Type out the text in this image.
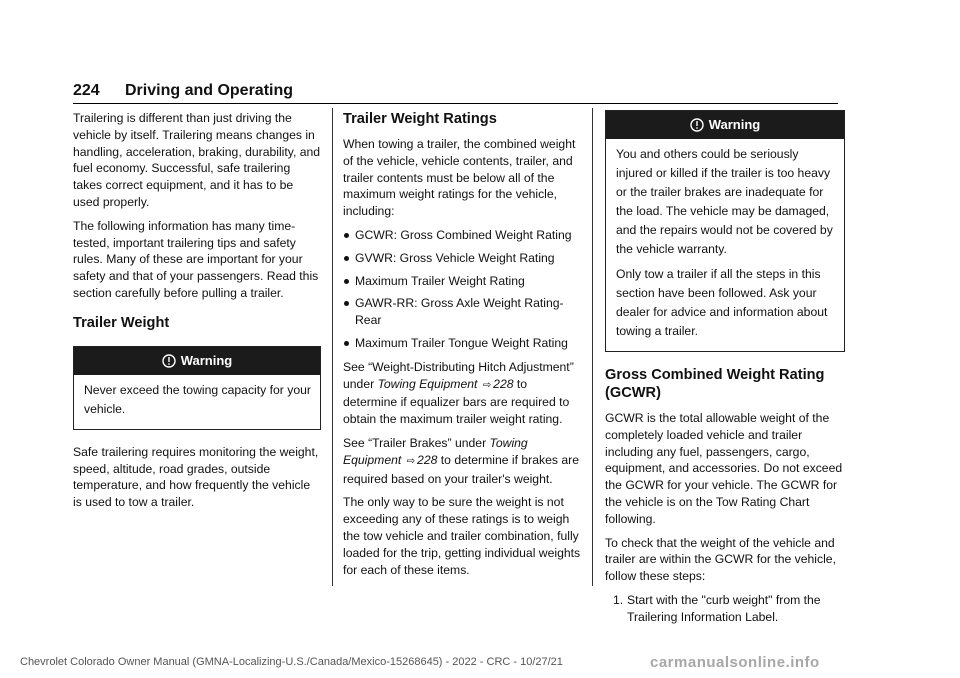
224 Driving and Operating

Trailering is different than just driving the vehicle by itself. Trailering means changes in handling, acceleration, braking, durability, and fuel economy. Successful, safe trailering takes correct equipment, and it has to be used properly.

The following information has many time-tested, important trailering tips and safety rules. Many of these are important for your safety and that of your passengers. Read this section carefully before pulling a trailer.

Trailer Weight
Warning

Never exceed the towing capacity for your vehicle.

Safe trailering requires monitoring the weight, speed, altitude, road grades, outside temperature, and how frequently the vehicle is used to tow a trailer.

Trailer Weight Ratings

When towing a trailer, the combined weight of the vehicle, vehicle contents, trailer, and trailer contents must be below all of the maximum weight ratings for the vehicle, including:

GCWR: Gross Combined Weight Rating
GVWR: Gross Vehicle Weight Rating
Maximum Trailer Weight Rating
GAWR-RR: Gross Axle Weight Rating-Rear
Maximum Trailer Tongue Weight Rating

See “Weight-Distributing Hitch Adjustment” under Towing Equipment ⇨ 228 to determine if equalizer bars are required to obtain the maximum trailer weight rating.

See “Trailer Brakes” under Towing Equipment ⇨ 228 to determine if brakes are required based on your trailer's weight.

The only way to be sure the weight is not exceeding any of these ratings is to weigh the tow vehicle and trailer combination, fully loaded for the trip, getting individual weights for each of these items.

Warning

You and others could be seriously injured or killed if the trailer is too heavy or the trailer brakes are inadequate for the load. The vehicle may be damaged, and the repairs would not be covered by the vehicle warranty.

Only tow a trailer if all the steps in this section have been followed. Ask your dealer for advice and information about towing a trailer.

Gross Combined Weight Rating (GCWR)

GCWR is the total allowable weight of the completely loaded vehicle and trailer including any fuel, passengers, cargo, equipment, and accessories. Do not exceed the GCWR for your vehicle. The GCWR for the vehicle is on the Tow Rating Chart following.

To check that the weight of the vehicle and trailer are within the GCWR for the vehicle, follow these steps:

1. Start with the "curb weight" from the Trailering Information Label.
Chevrolet Colorado Owner Manual (GMNA-Localizing-U.S./Canada/Mexico-15268645) - 2022 - CRC - 10/27/21	carmanualsonline.info
